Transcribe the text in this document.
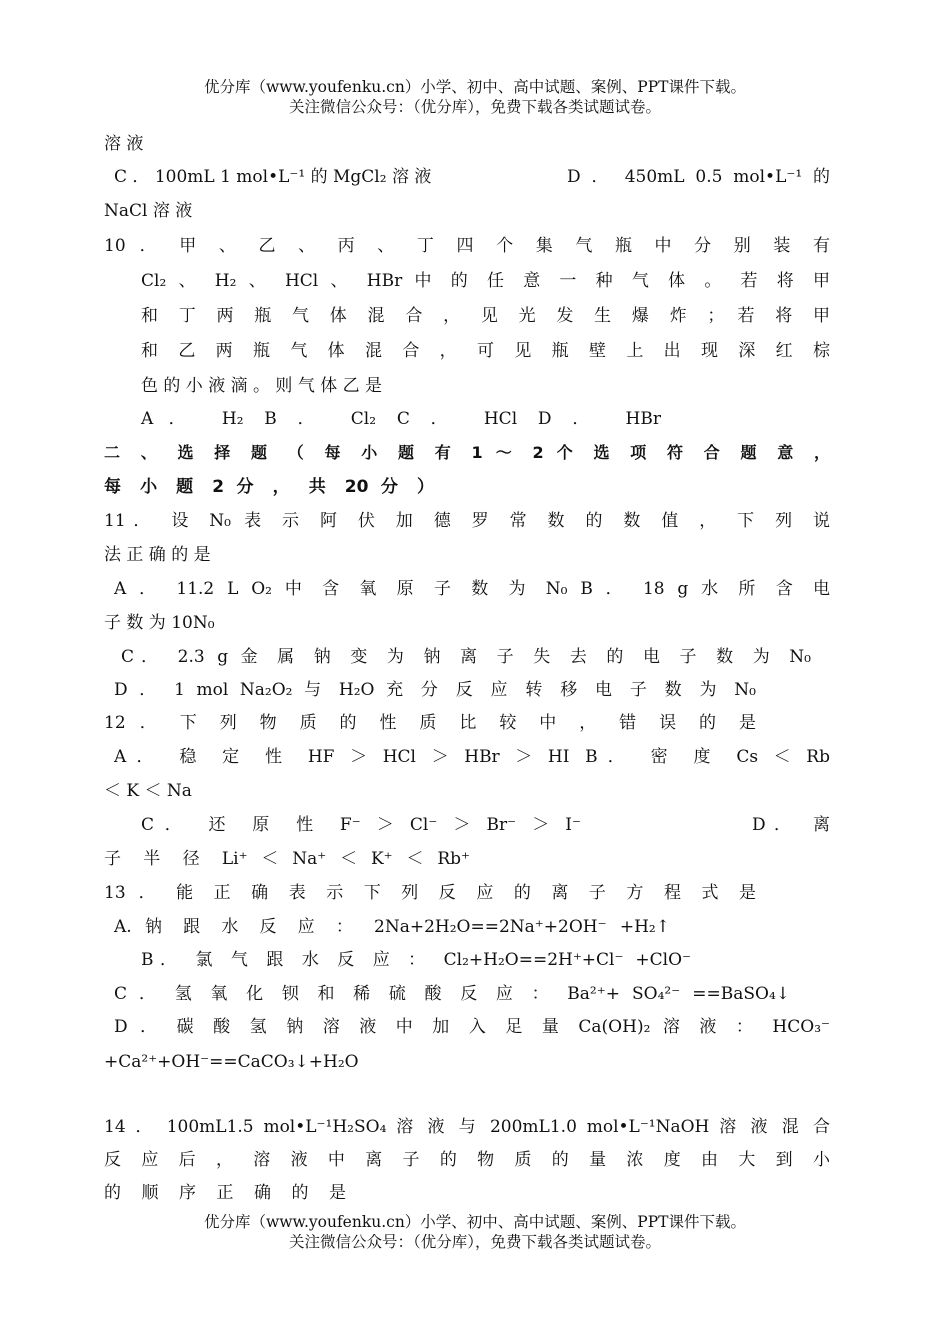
优分库（www.youfenku.cn）小学、初中、高中试题、案例、PPT课件下载。
关注微信公众号：（优分库），免费下载各类试题试卷。
溶 液
C ． 100mL 1 mol•L⁻¹ 的 MgCl₂ 溶 液	D ． 450mL 0.5 mol•L⁻¹ 的
NaCl 溶 液
10 ． 甲 、 乙 、 丙 、 丁 四 个 集 气 瓶 中 分 别 装 有
Cl₂ 、 H₂ 、 HCl 、 HBr 中 的 任 意 一 种 气 体 。 若 将 甲
和 丁 两 瓶 气 体 混 合 ， 见 光 发 生 爆 炸 ； 若 将 甲
和 乙 两 瓶 气 体 混 合 ， 可 见 瓶 壁 上 出 现 深 红 棕
色 的 小 液 滴 。 则 气 体 乙 是
A． H₂ B ． Cl₂ C ． HCl D ． HBr
二 、 选 择 题 （ 每 小 题 有 1 ～ 2 个 选 项 符 合 题 意 ，
每 小 题 2 分 ， 共 20 分 ）
11． 设 N₀ 表 示 阿 伏 加 德 罗 常 数 的 数 值 ， 下 列 说
法 正 确 的 是
A ． 11.2 L O₂ 中 含 氧 原 子 数 为 N₀ B ． 18 g 水 所 含 电
子 数 为 10N₀
C． 2.3 g 金 属 钠 变 为 钠 离 子 失 去 的 电 子 数 为 N₀
D ． 1 mol Na₂O₂ 与 H₂O 充 分 反 应 转 移 电 子 数 为 N₀
12 ． 下 列 物 质 的 性 质 比 较 中 ， 错 误 的 是
A． 稳 定 性 HF ＞ HCl ＞ HBr ＞ HI B． 密 度 Cs ＜ Rb
＜ K ＜ Na
C． 还 原 性 F⁻ ＞ Cl⁻ ＞ Br⁻ ＞ I⁻	D． 离
子 半 径 Li⁺ ＜ Na⁺ ＜ K⁺ ＜ Rb⁺
13 ． 能 正 确 表 示 下 列 反 应 的 离 子 方 程 式 是
A. 钠 跟 水 反 应 ： 2Na+2H₂O==2Na⁺+2OH⁻ +H₂↑
B． 氯 气 跟 水 反 应 ： Cl₂+H₂O==2H⁺+Cl⁻ +ClO⁻
C ． 氢 氧 化 钡 和 稀 硫 酸 反 应 ： Ba²⁺+ SO₄²⁻ ==BaSO₄↓
D ． 碳 酸 氢 钠 溶 液 中 加 入 足 量 Ca(OH)₂ 溶 液 ： HCO₃⁻
+Ca²⁺+OH⁻==CaCO₃↓+H₂O
14 ． 100mL1.5 mol•L⁻¹H₂SO₄ 溶 液 与 200mL1.0 mol•L⁻¹NaOH 溶 液 混 合
反 应 后 ， 溶 液 中 离 子 的 物 质 的 量 浓 度 由 大 到 小
的 顺 序 正 确 的 是
优分库（www.youfenku.cn）小学、初中、高中试题、案例、PPT课件下载。
关注微信公众号：（优分库），免费下载各类试题试卷。
